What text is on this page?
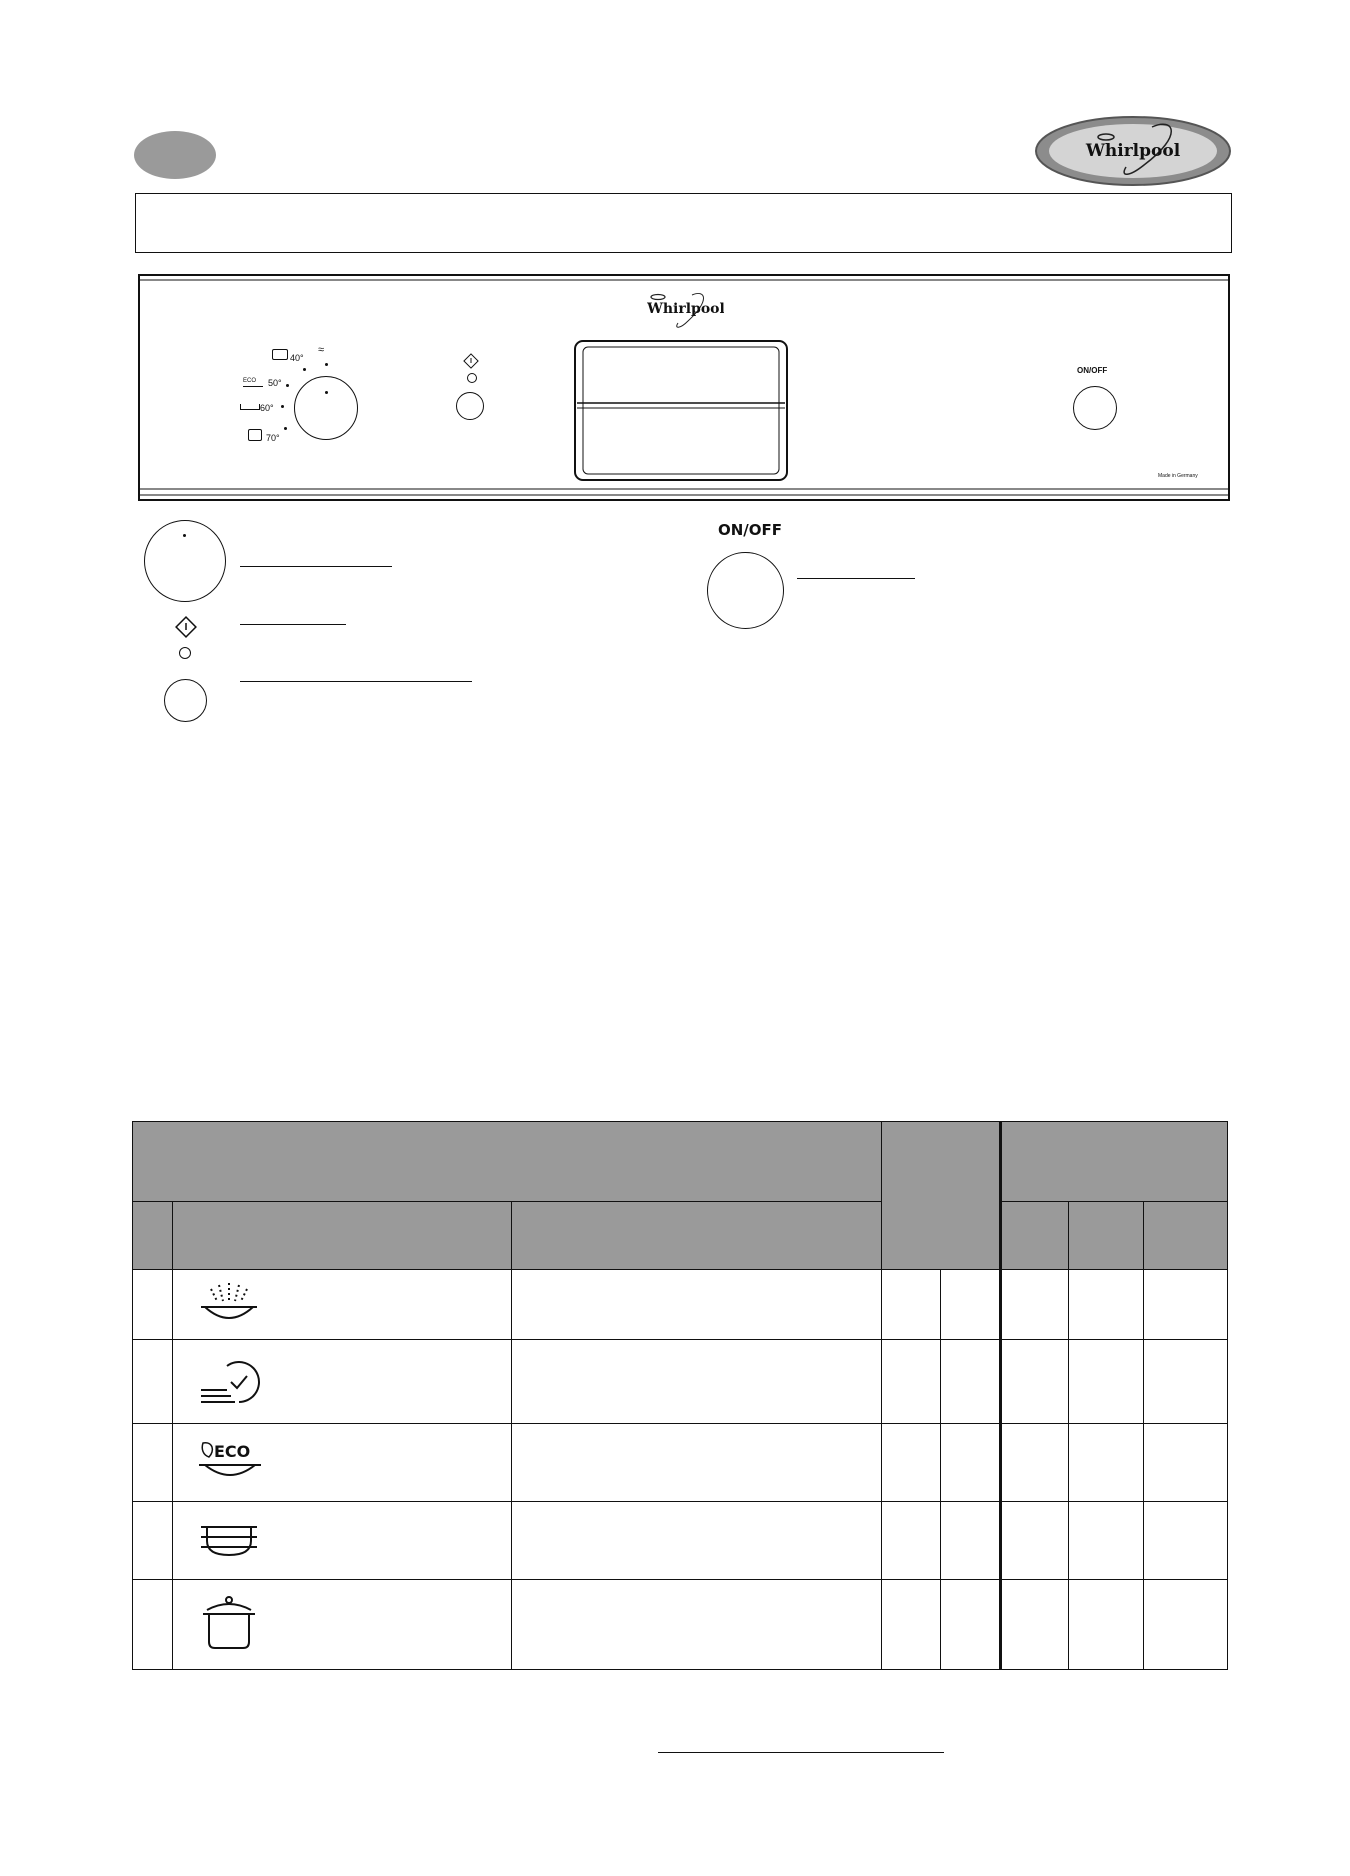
Whirlpool
Whirlpool
≈
40°
ECO	50°
60°
70°
ON/OFF
Made in Germany
ON/OFF

ECO						
